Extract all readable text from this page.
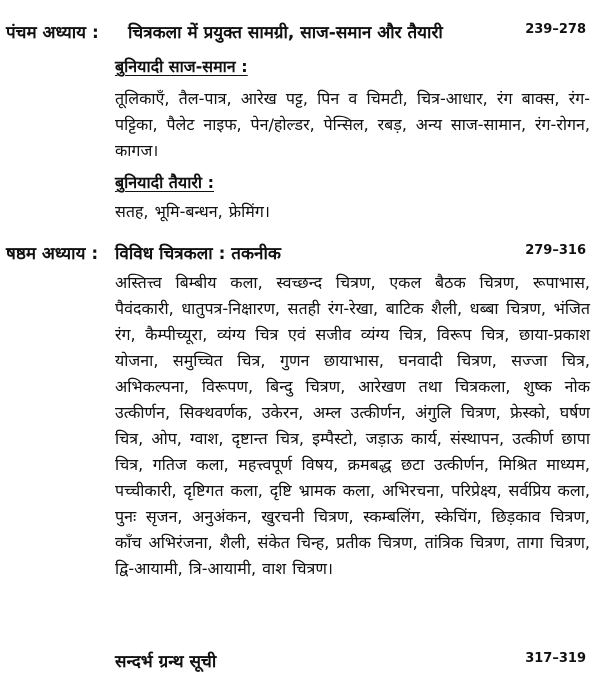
पंचम अध्याय : चित्रकला में प्रयुक्त सामग्री, साज-समान और तैयारी	239–278
बुनियादी साज-समान :
तूलिकाएँ, तैल-पात्र, आरेख पट्ट, पिन व चिमटी, चित्र-आधार, रंग बाक्स, रंग-पट्टिका, पैलेट नाइफ, पेन/होल्डर, पेन्सिल, रबड़, अन्य साज-सामान, रंग-रोगन, कागज।
बुनियादी तैयारी :
सतह, भूमि-बन्धन, फ्रेमिंग।
षष्ठम अध्याय : विविध चित्रकला : तकनीक	279–316
अस्तित्त्व बिम्बीय कला, स्वच्छन्द चित्रण, एकल बैठक चित्रण, रूपाभास, पैवंदकारी, धातुपत्र-निक्षारण, सतही रंग-रेखा, बाटिक शैली, धब्बा चित्रण, भंजित रंग, कैम्पीच्यूरा, व्यंग्य चित्र एवं सजीव व्यंग्य चित्र, विरूप चित्र, छाया-प्रकाश योजना, समुच्चित चित्र, गुणन छायाभास, घनवादी चित्रण, सज्जा चित्र, अभिकल्पना, विरूपण, बिन्दु चित्रण, आरेखण तथा चित्रकला, शुष्क नोक उत्कीर्णन, सिक्थवर्णक, उकेरन, अम्ल उत्कीर्णन, अंगुलि चित्रण, फ्रेस्को, घर्षण चित्र, ओप, ग्वाश, दृष्टान्त चित्र, इम्पैस्टो, जड़ाऊ कार्य, संस्थापन, उत्कीर्ण छापा चित्र, गतिज कला, महत्त्वपूर्ण विषय, क्रमबद्ध छटा उत्कीर्णन, मिश्रित माध्यम, पच्चीकारी, दृष्टिगत कला, दृष्टि भ्रामक कला, अभिरचना, परिप्रेक्ष्य, सर्वप्रिय कला, पुनः सृजन, अनुअंकन, खुरचनी चित्रण, स्कम्बलिंग, स्केचिंग, छिड़काव चित्रण, काँच अभिरंजना, शैली, संकेत चिन्ह, प्रतीक चित्रण, तांत्रिक चित्रण, तागा चित्रण, द्वि-आयामी, त्रि-आयामी, वाश चित्रण।
सन्दर्भ ग्रन्थ सूची	317–319
